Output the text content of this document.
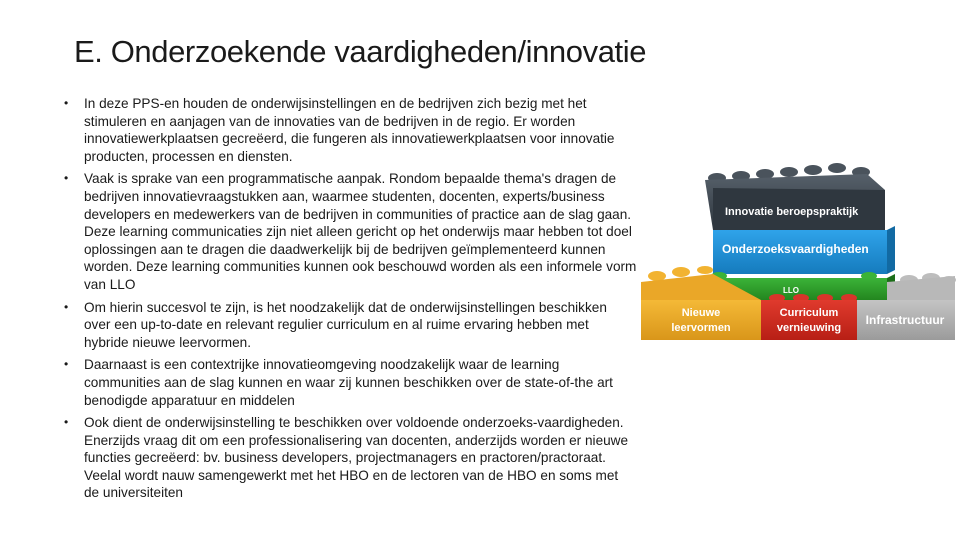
E. Onderzoekende vaardigheden/innovatie
• In deze PPS-en houden de onderwijsinstellingen en de bedrijven zich bezig met het stimuleren en aanjagen van de innovaties van de bedrijven in de regio. Er worden innovatiewerkplaatsen gecreëerd, die fungeren als innovatiewerkplaatsen voor innovatie producten, processen en diensten.
• Vaak is sprake van een programmatische aanpak. Rondom bepaalde thema's dragen de bedrijven innovatievraagstukken aan, waarmee studenten, docenten, experts/business developers en medewerkers van de bedrijven in communities of practice aan de slag gaan. Deze learning communicaties zijn niet alleen gericht op het onderwijs maar hebben tot doel oplossingen aan te dragen die daadwerkelijk bij de bedrijven geïmplementeerd kunnen worden. Deze learning communities kunnen ook beschouwd worden als een informele vorm van LLO
• Om hierin succesvol te zijn, is het noodzakelijk dat de onderwijsinstellingen beschikken over een up-to-date en relevant regulier curriculum en al ruime ervaring hebben met hybride nieuwe leervormen.
• Daarnaast is een contextrijke innovatieomgeving noodzakelijk waar de learning communities aan de slag kunnen en waar zij kunnen beschikken over de state-of-the art benodigde apparatuur en middelen
• Ook dient de onderwijsinstelling te beschikken over voldoende onderzoeks-vaardigheden. Enerzijds vraag dit om een professionalisering van docenten, anderzijds worden er nieuwe functies gecreëerd: bv. business developers, projectmanagers en practoren/practoraat. Veelal wordt nauw samengewerkt met het HBO en de lectoren van de HBO en soms met de universiteiten
Innovatie beroepspraktijk
Onderzoeksvaardigheden
LLO
Infrastructuur
Curriculum
vernieuwing
Nieuwe
leervormen
